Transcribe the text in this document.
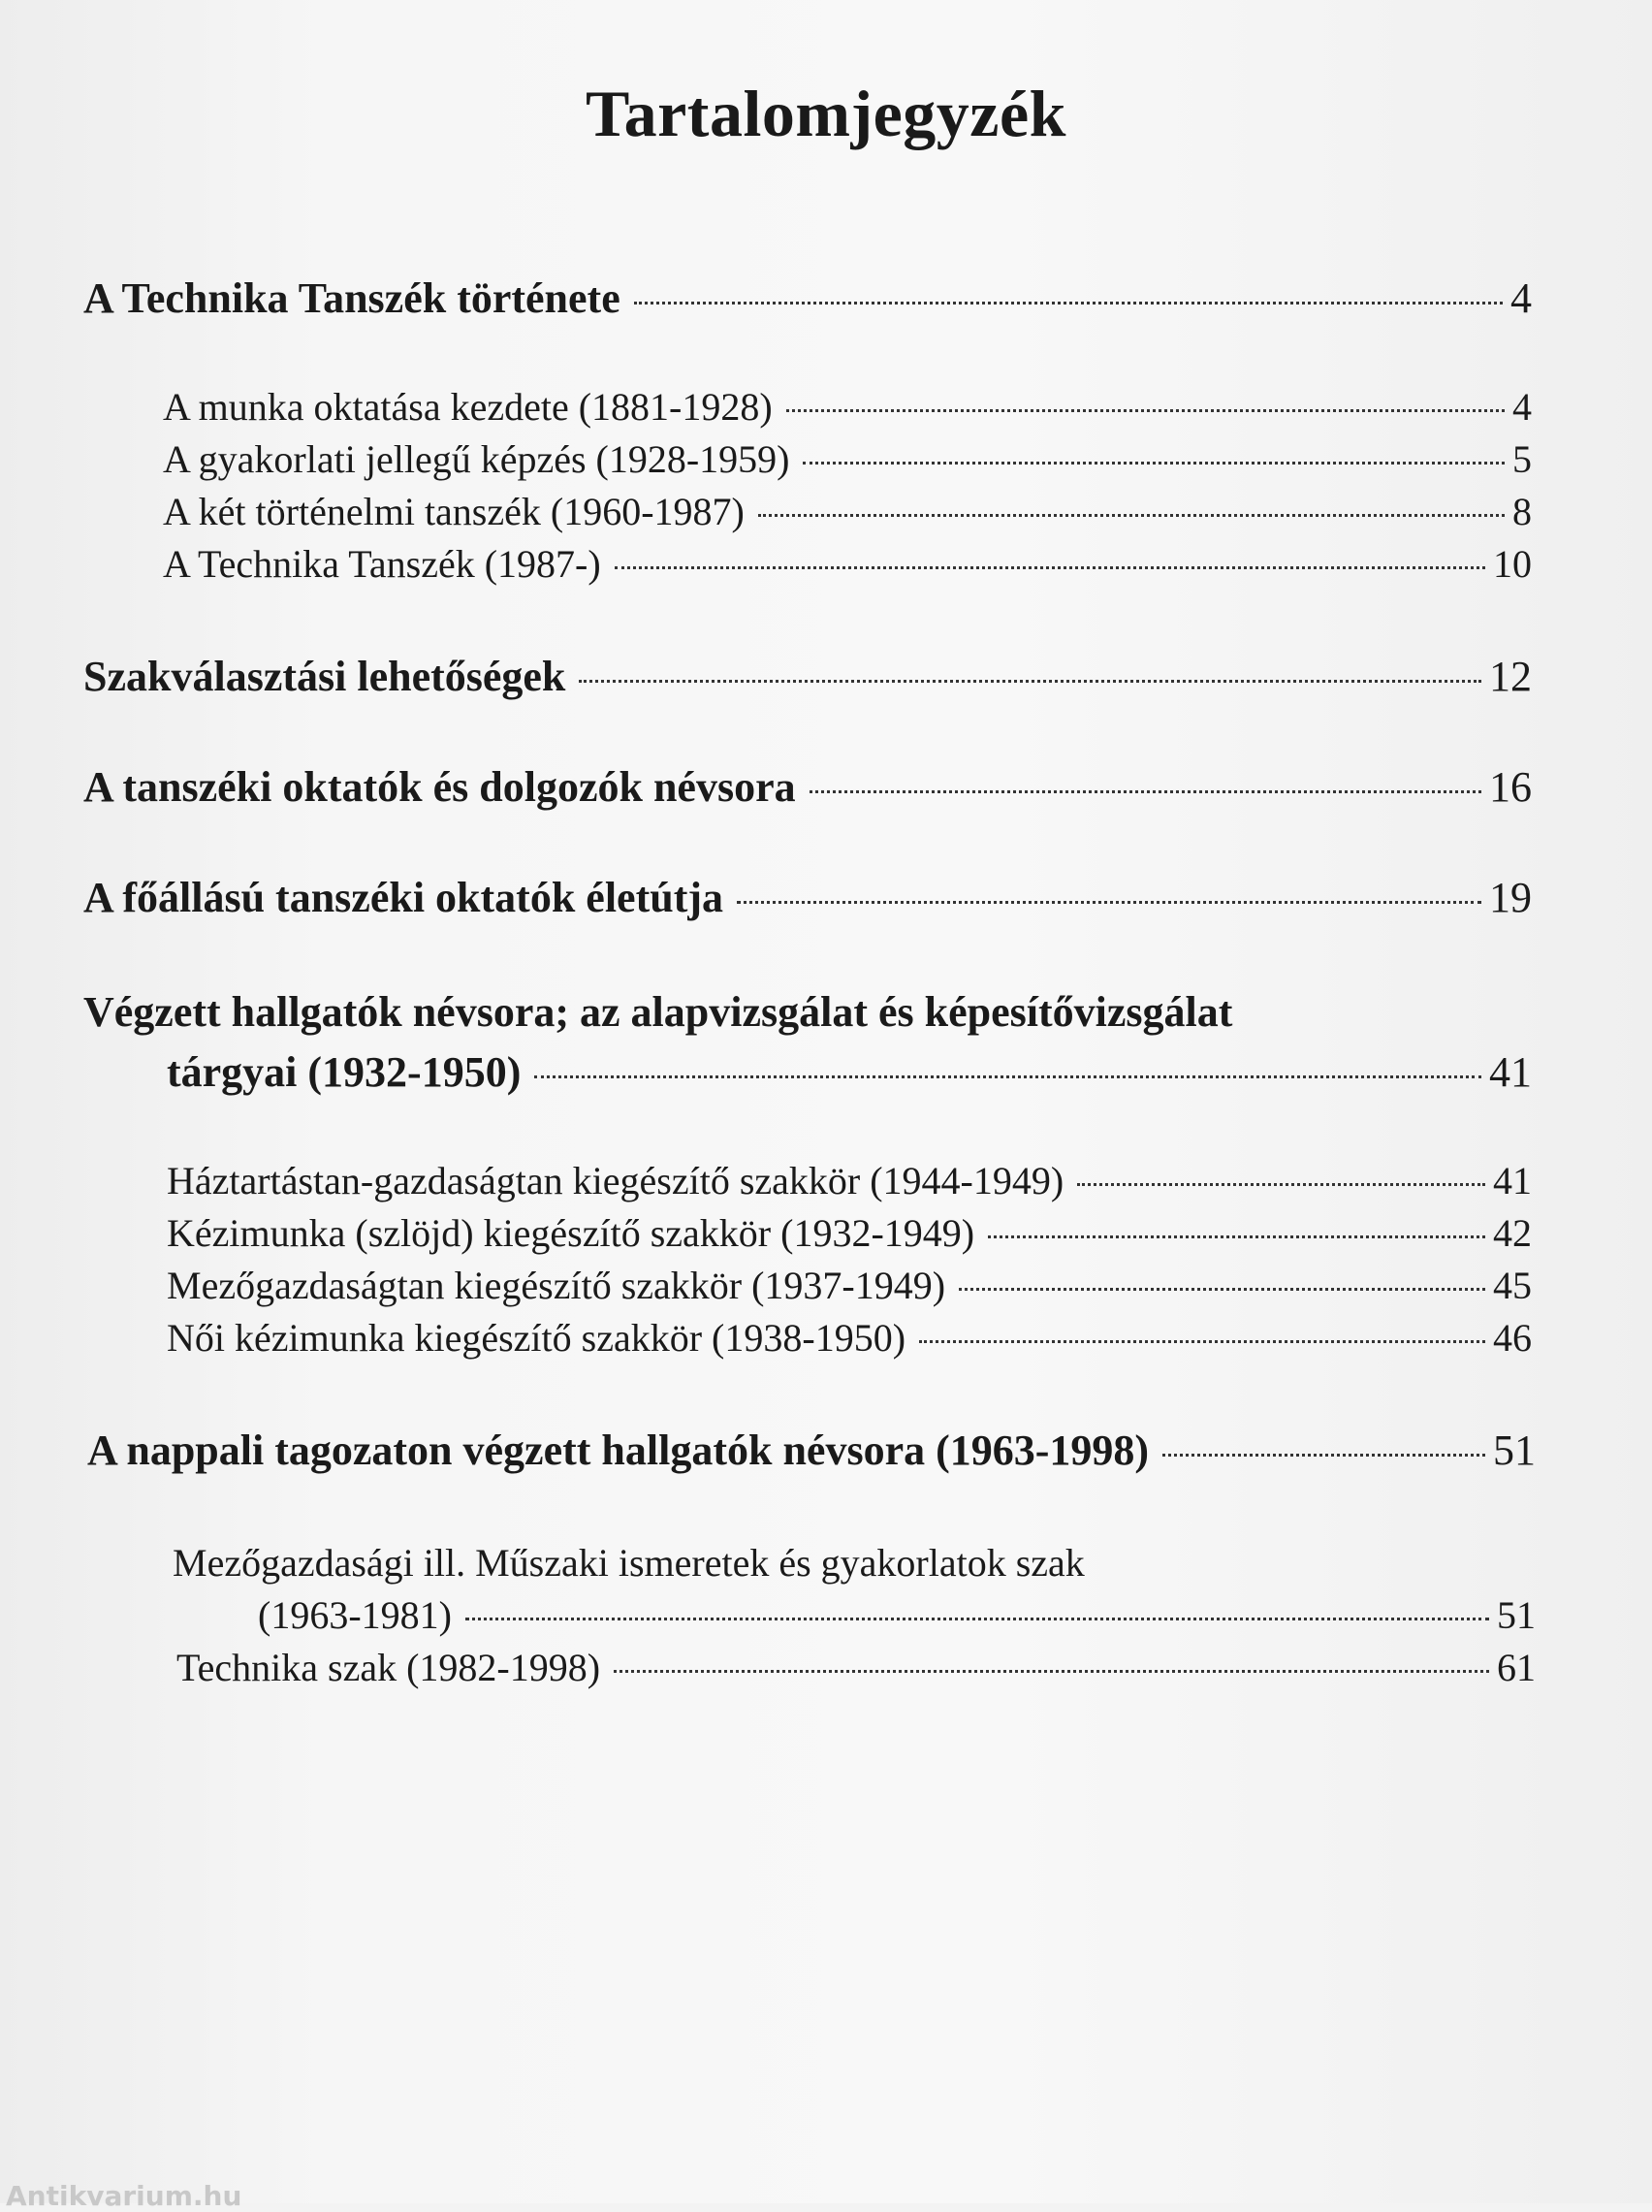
Tartalomjegyzék
A Technika Tanszék története	4
A munka oktatása kezdete (1881-1928)	4
A gyakorlati jellegű képzés (1928-1959)	5
A két történelmi tanszék (1960-1987)	8
A Technika Tanszék (1987-)	10
Szakválasztási lehetőségek	12
A tanszéki oktatók és dolgozók névsora	16
A főállású tanszéki oktatók életútja	19
Végzett hallgatók névsora; az alapvizsgálat és képesítővizsgálat
tárgyai (1932-1950)	41
Háztartástan-gazdaságtan kiegészítő szakkör (1944-1949)	41
Kézimunka (szlöjd) kiegészítő szakkör (1932-1949)	42
Mezőgazdaságtan kiegészítő szakkör (1937-1949)	45
Női kézimunka kiegészítő szakkör (1938-1950)	46
A nappali tagozaton végzett hallgatók névsora (1963-1998)	51
Mezőgazdasági ill. Műszaki ismeretek és gyakorlatok szak
(1963-1981)	51
Technika szak (1982-1998)	61
Antikvarium.hu
